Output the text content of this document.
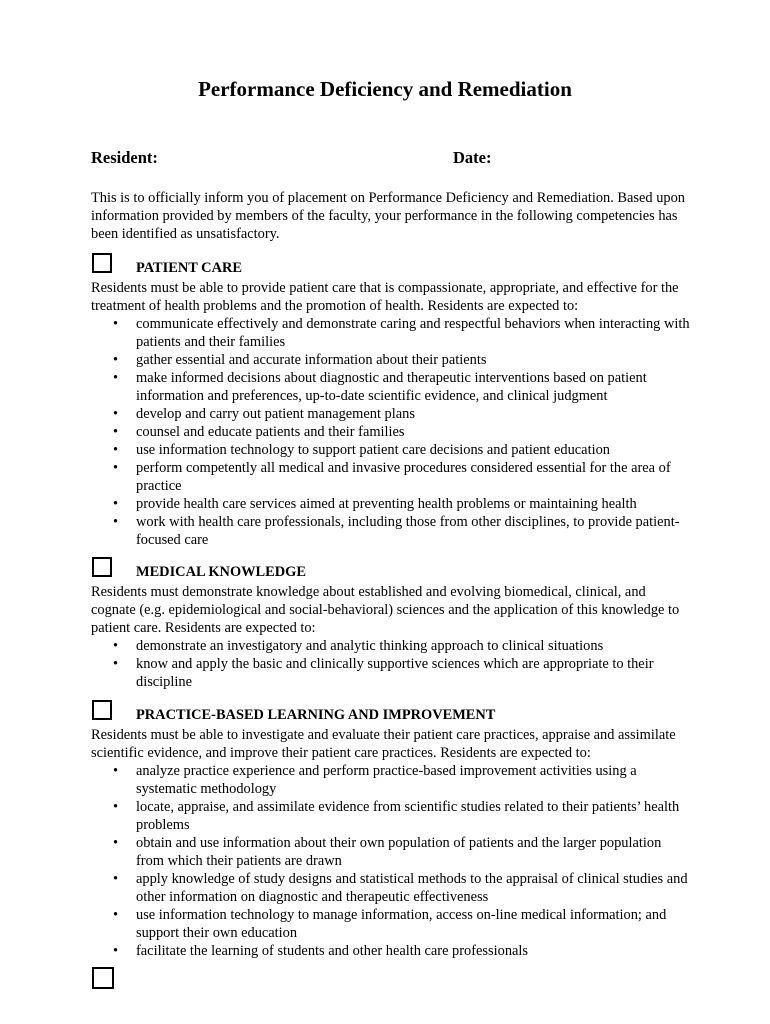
Performance Deficiency and Remediation
Resident:	Date:
This is to officially inform you of placement on Performance Deficiency and Remediation. Based upon information provided by members of the faculty, your performance in the following competencies has been identified as unsatisfactory.
PATIENT CARE

Residents must be able to provide patient care that is compassionate, appropriate, and effective for the treatment of health problems and the promotion of health. Residents are expected to:

• communicate effectively and demonstrate caring and respectful behaviors when interacting with patients and their families
• gather essential and accurate information about their patients
• make informed decisions about diagnostic and therapeutic interventions based on patient information and preferences, up-to-date scientific evidence, and clinical judgment
• develop and carry out patient management plans
• counsel and educate patients and their families
• use information technology to support patient care decisions and patient education
• perform competently all medical and invasive procedures considered essential for the area of practice
• provide health care services aimed at preventing health problems or maintaining health
• work with health care professionals, including those from other disciplines, to provide patient-focused care
MEDICAL KNOWLEDGE

Residents must demonstrate knowledge about established and evolving biomedical, clinical, and cognate (e.g. epidemiological and social-behavioral) sciences and the application of this knowledge to patient care. Residents are expected to:

• demonstrate an investigatory and analytic thinking approach to clinical situations
• know and apply the basic and clinically supportive sciences which are appropriate to their discipline
PRACTICE-BASED LEARNING AND IMPROVEMENT

Residents must be able to investigate and evaluate their patient care practices, appraise and assimilate scientific evidence, and improve their patient care practices. Residents are expected to:

• analyze practice experience and perform practice-based improvement activities using a systematic methodology
• locate, appraise, and assimilate evidence from scientific studies related to their patients’ health problems
• obtain and use information about their own population of patients and the larger population from which their patients are drawn
• apply knowledge of study designs and statistical methods to the appraisal of clinical studies and other information on diagnostic and therapeutic effectiveness
• use information technology to manage information, access on-line medical information; and support their own education
• facilitate the learning of students and other health care professionals
